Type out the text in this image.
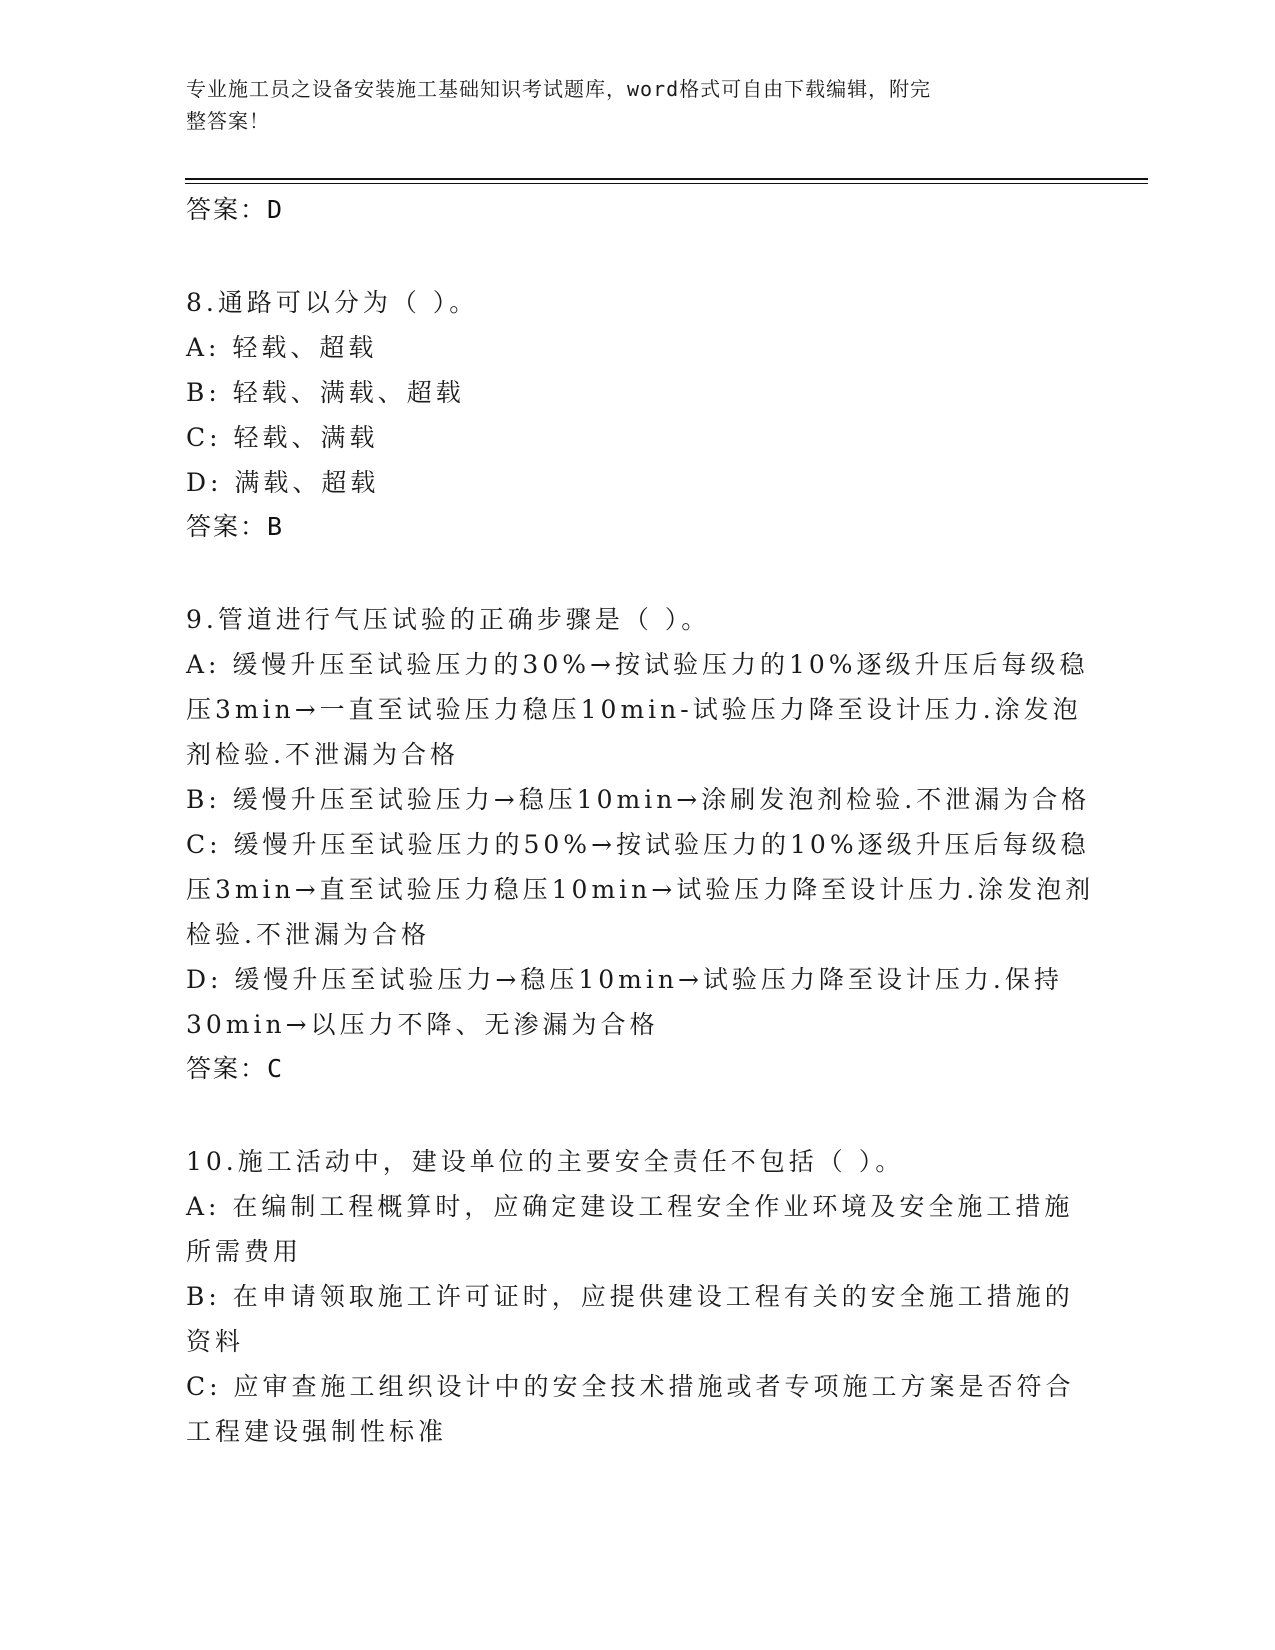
专业施工员之设备安装施工基础知识考试题库，word格式可自由下载编辑，附完
整答案！
答案：D
8.通路可以分为（ ）。
A: 轻载、超载
B: 轻载、满载、超载
C: 轻载、满载
D: 满载、超载
答案：B
9.管道进行气压试验的正确步骤是（ ）。
A: 缓慢升压至试验压力的30%→按试验压力的10%逐级升压后每级稳
压3min→一直至试验压力稳压10min-试验压力降至设计压力.涂发泡
剂检验.不泄漏为合格
B: 缓慢升压至试验压力→稳压10min→涂刷发泡剂检验.不泄漏为合格
C: 缓慢升压至试验压力的50%→按试验压力的10%逐级升压后每级稳
压3min→直至试验压力稳压10min→试验压力降至设计压力.涂发泡剂
检验.不泄漏为合格
D: 缓慢升压至试验压力→稳压10min→试验压力降至设计压力.保持
30min→以压力不降、无渗漏为合格
答案：C
10.施工活动中，建设单位的主要安全责任不包括（ ）。
A: 在编制工程概算时，应确定建设工程安全作业环境及安全施工措施
所需费用
B: 在申请领取施工许可证时，应提供建设工程有关的安全施工措施的
资料
C: 应审查施工组织设计中的安全技术措施或者专项施工方案是否符合
工程建设强制性标准
